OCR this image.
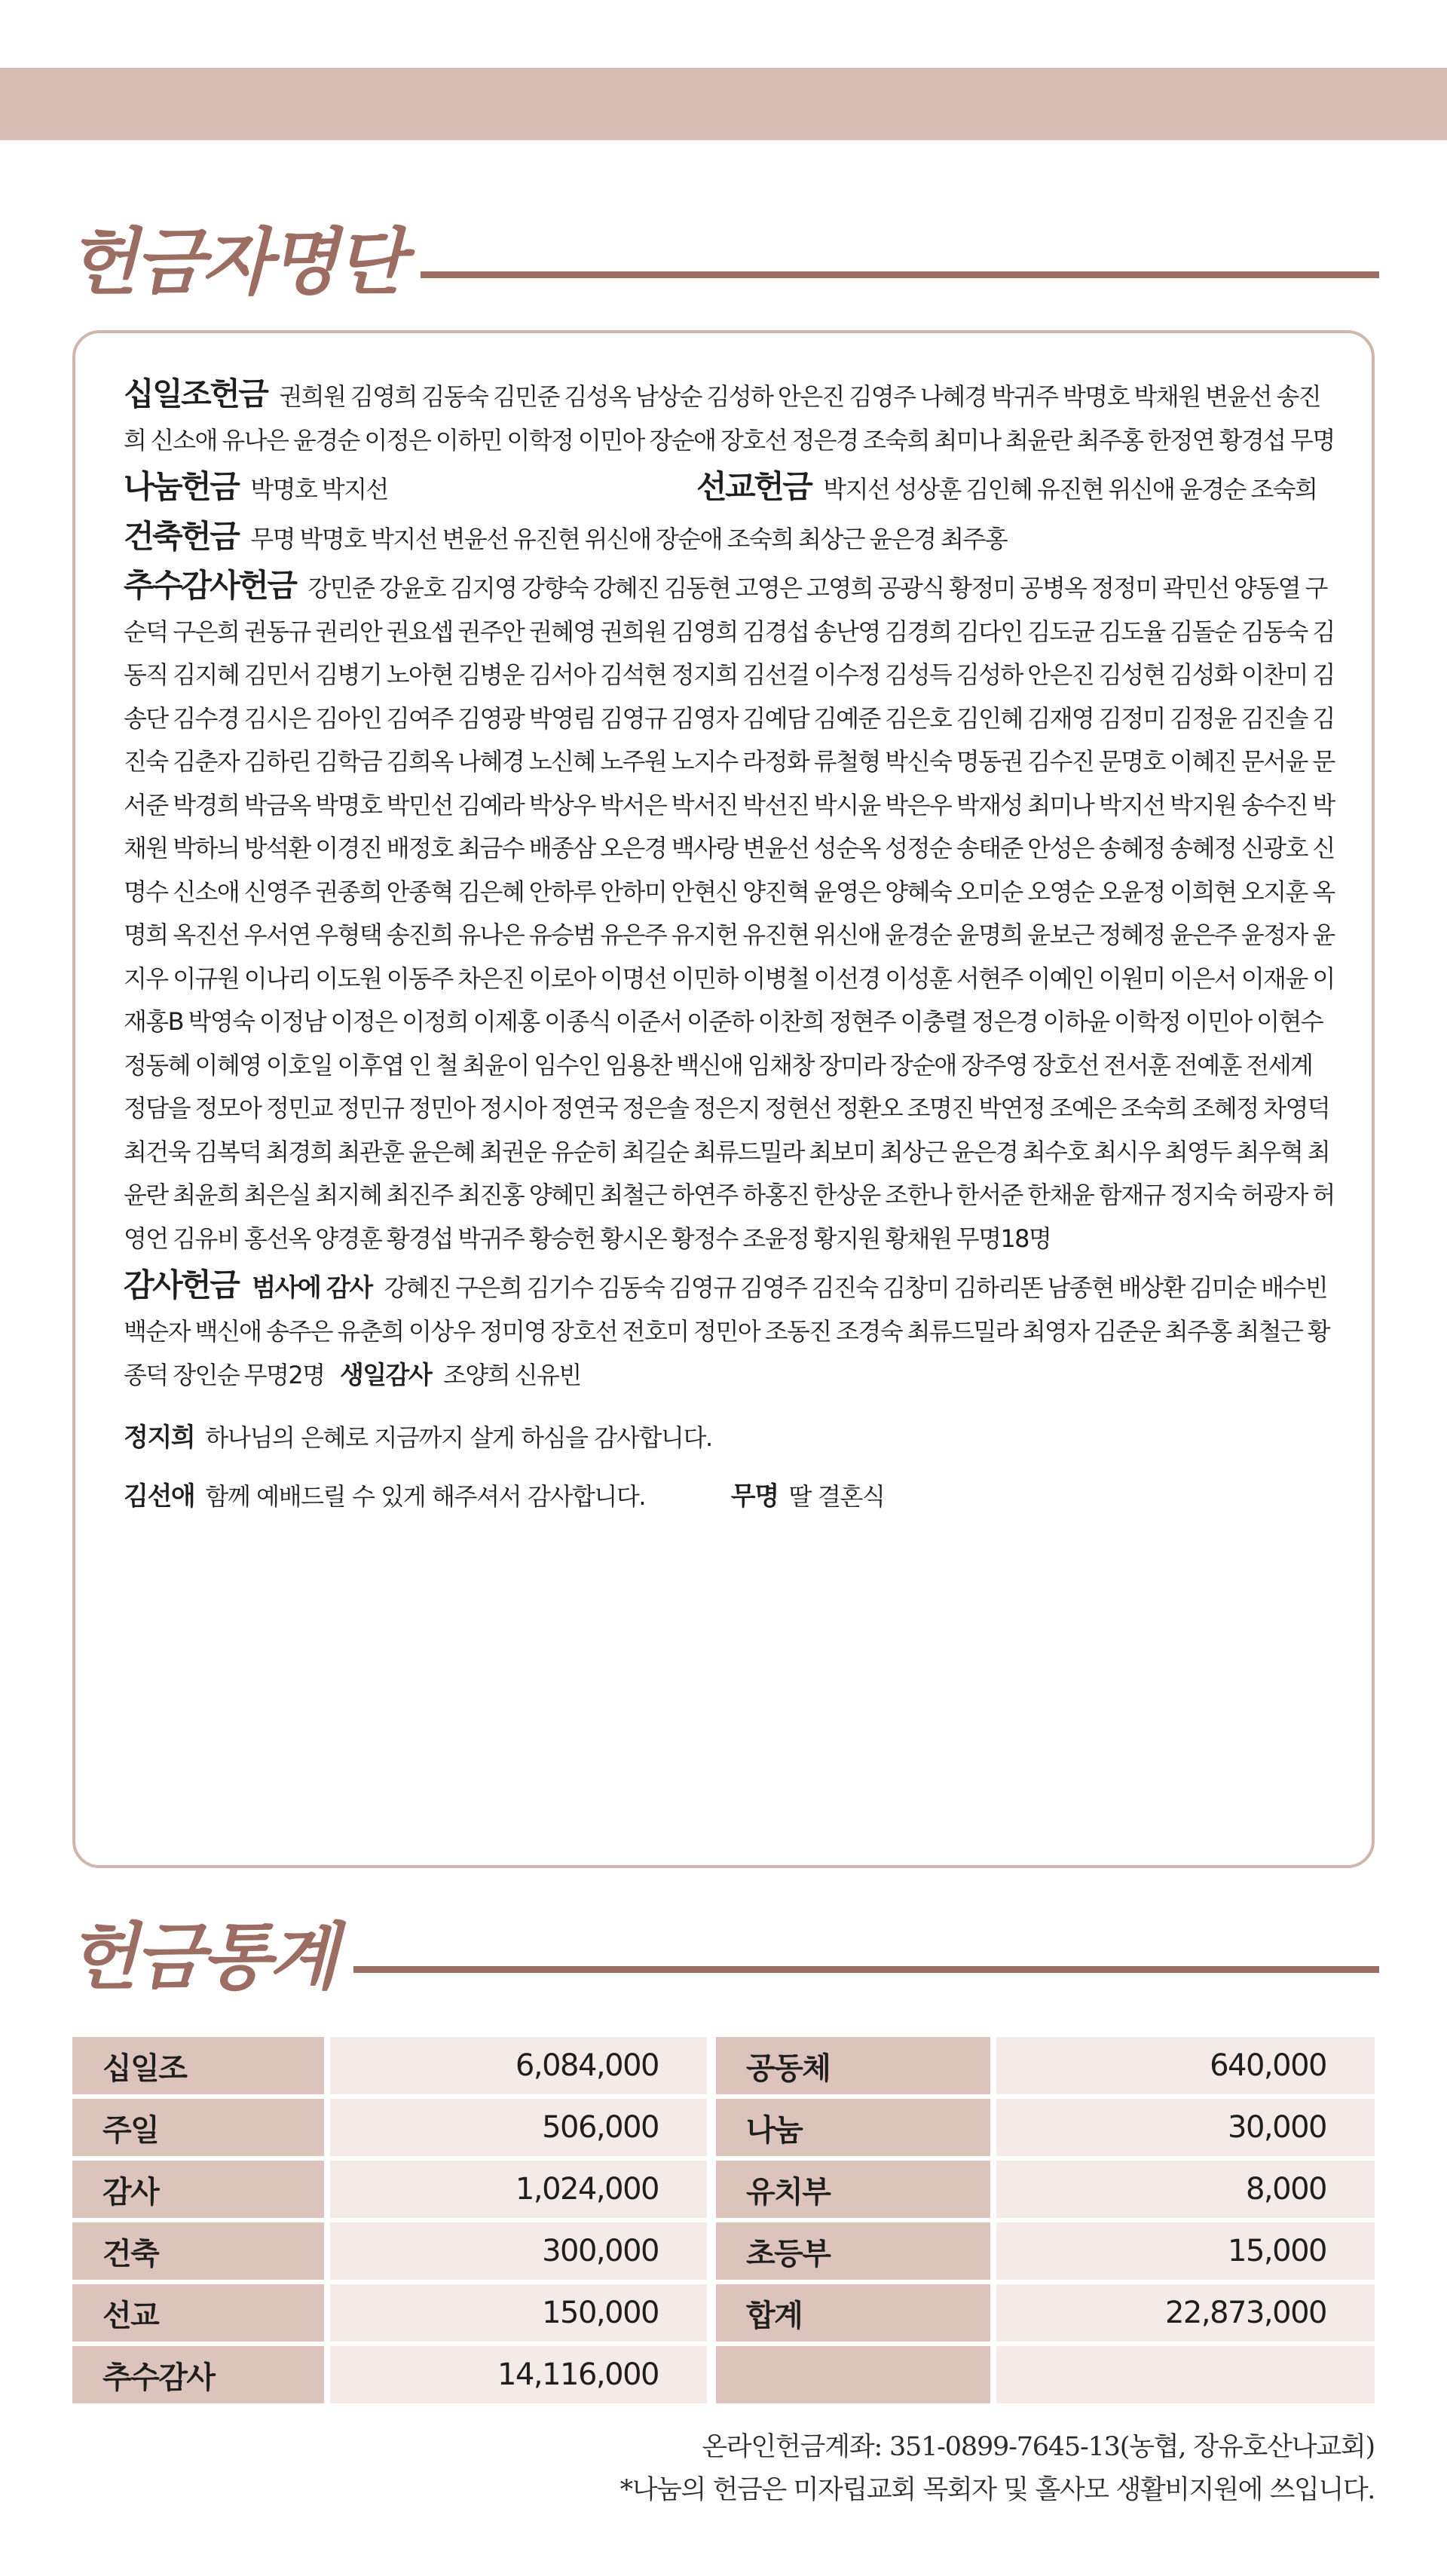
헌금자명단
십일조헌금 권희원 김영희 김동숙 김민준 김성옥 남상순 김성하 안은진 김영주 나혜경 박귀주 박명호 박채원 변윤선 송진희 신소애 유나은 윤경순 이정은 이하민 이학정 이민아 장순애 장호선 정은경 조숙희 최미나 최윤란 최주홍 한정연 황경섭 무명
나눔헌금 박명호 박지선	선교헌금 박지선 성상훈 김인혜 유진현 위신애 윤경순 조숙희
건축헌금 무명 박명호 박지선 변윤선 유진현 위신애 장순애 조숙희 최상근 윤은경 최주홍
추수감사헌금 강민준 강윤호 김지영 강향숙 강혜진 김동현 고영은 고영희 공광식 황정미 공병옥 정정미 곽민선 양동열 구순덕 구은희 권동규 권리안 권요셉 권주안 권혜영 권희원 김영희 김경섭 송난영 김경희 김다인 김도균 김도율 김돌순 김동숙 김동직 김지혜 김민서 김병기 노아현 김병운 김서아 김석현 정지희 김선걸 이수정 김성득 김성하 안은진 김성현 김성화 이찬미 김송단 김수경 김시은 김아인 김여주 김영광 박영림 김영규 김영자 김예담 김예준 김은호 김인혜 김재영 김정미 김정윤 김진솔 김진숙 김춘자 김하린 김학금 김희옥 나혜경 노신혜 노주원 노지수 라정화 류철형 박신숙 명동권 김수진 문명호 이혜진 문서윤 문서준 박경희 박금옥 박명호 박민선 김예라 박상우 박서은 박서진 박선진 박시윤 박은우 박재성 최미나 박지선 박지원 송수진 박채원 박하늬 방석환 이경진 배정호 최금수 배종삼 오은경 백사랑 변윤선 성순옥 성정순 송태준 안성은 송혜정 송혜정 신광호 신명수 신소애 신영주 권종희 안종혁 김은혜 안하루 안하미 안현신 양진혁 윤영은 양혜숙 오미순 오영순 오윤정 이희현 오지훈 옥명희 옥진선 우서연 우형택 송진희 유나은 유승범 유은주 유지헌 유진현 위신애 윤경순 윤명희 윤보근 정혜정 윤은주 윤정자 윤지우 이규원 이나리 이도원 이동주 차은진 이로아 이명선 이민하 이병철 이선경 이성훈 서현주 이예인 이원미 이은서 이재윤 이재홍B 박영숙 이정남 이정은 이정희 이제홍 이종식 이준서 이준하 이찬희 정현주 이충렬 정은경 이하윤 이학정 이민아 이현수 정동혜 이혜영 이호일 이후엽 인 철 최윤이 임수인 임용찬 백신애 임채창 장미라 장순애 장주영 장호선 전서훈 전예훈 전세계 정담을 정모아 정민교 정민규 정민아 정시아 정연국 정은솔 정은지 정현선 정환오 조명진 박연정 조예은 조숙희 조혜정 차영덕 최건욱 김복덕 최경희 최관훈 윤은혜 최권운 유순히 최길순 최류드밀라 최보미 최상근 윤은경 최수호 최시우 최영두 최우혁 최윤란 최윤희 최은실 최지혜 최진주 최진홍 양혜민 최철근 하연주 하홍진 한상운 조한나 한서준 한채윤 함재규 정지숙 허광자 허영언 김유비 홍선옥 양경훈 황경섭 박귀주 황승헌 황시온 황정수 조윤정 황지원 황채원 무명18명
감사헌금 범사에 감사 강혜진 구은희 김기수 김동숙 김영규 김영주 김진숙 김창미 김하리똔 남종현 배상환 김미순 배수빈 백순자 백신애 송주은 유춘희 이상우 정미영 장호선 전호미 정민아 조동진 조경숙 최류드밀라 최영자 김준운 최주홍 최철근 황종덕 장인순 무명2명 생일감사 조양희 신유빈
정지희 하나님의 은혜로 지금까지 살게 하심을 감사합니다.
김선애 함께 예배드릴 수 있게 해주셔서 감사합니다.	무명 딸 결혼식
헌금통계
십일조		6,084,000		공동체		640,000
주일		506,000		나눔		30,000
감사		1,024,000		유치부		8,000
건축		300,000		초등부		15,000
선교		150,000		합계		22,873,000
추수감사		14,116,000				
온라인헌금계좌: 351-0899-7645-13(농협, 장유호산나교회)
*나눔의 헌금은 미자립교회 목회자 및 홀사모 생활비지원에 쓰입니다.
